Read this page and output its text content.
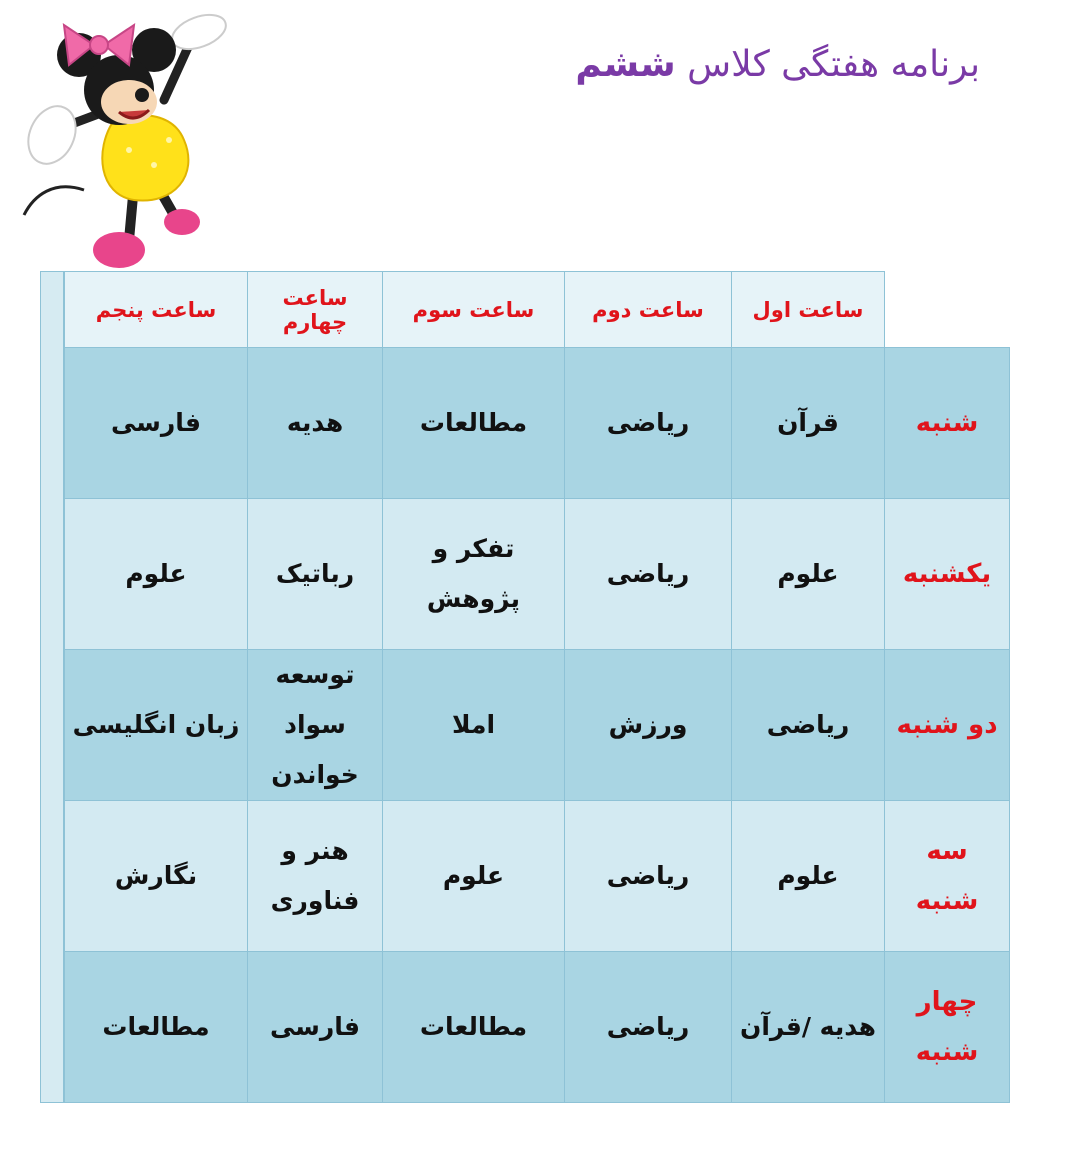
برنامه هفتگی کلاس ششم
	ساعت اول	ساعت دوم	ساعت سوم	ساعت چهارم	ساعت پنجم
شنبه	قرآن	ریاضی	مطالعات	هدیه	فارسی
یکشنبه	علوم	ریاضی	تفکر و پژوهش	رباتیک	علوم
دو شنبه	ریاضی	ورزش	املا	توسعه سواد خواندن	زبان انگلیسی
سه شنبه	علوم	ریاضی	علوم	هنر و فناوری	نگارش
چهار شنبه	هدیه /قرآن	ریاضی	مطالعات	فارسی	مطالعات
